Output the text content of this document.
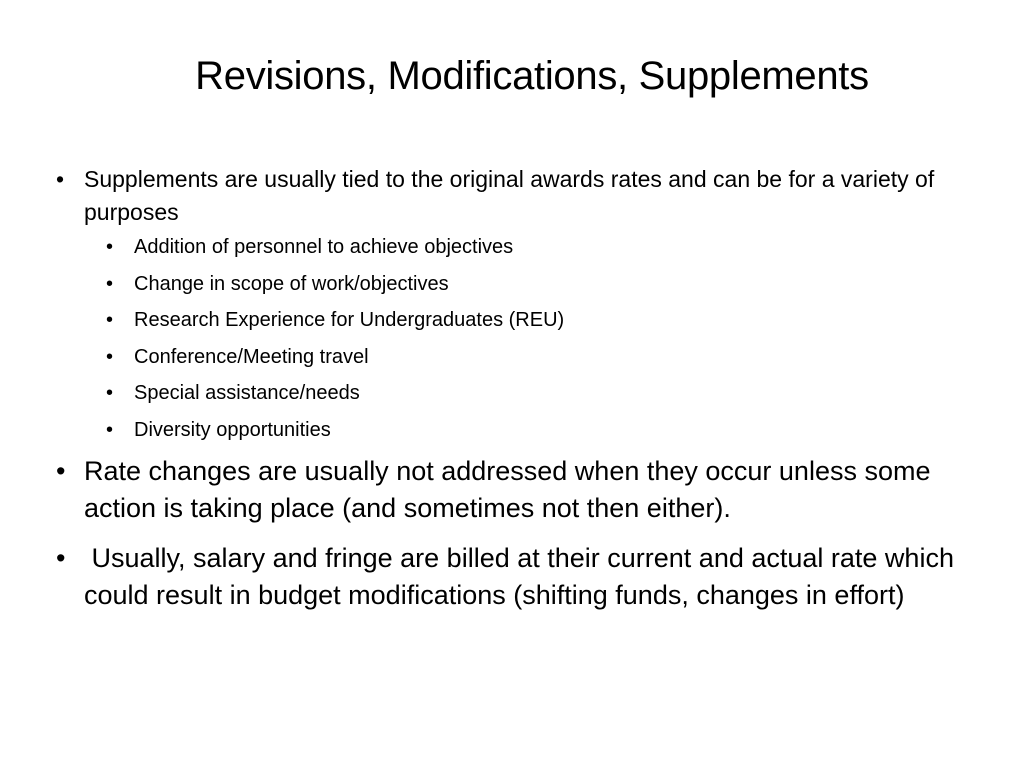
Revisions, Modifications, Supplements
• Supplements are usually tied to the original awards rates and can be for a variety of purposes
• Addition of personnel to achieve objectives
• Change in scope of work/objectives
• Research Experience for Undergraduates (REU)
• Conference/Meeting travel
• Special assistance/needs
• Diversity opportunities
• Rate changes are usually not addressed when they occur unless some action is taking place (and sometimes not then either).
• Usually, salary and fringe are billed at their current and actual rate which could result in budget modifications (shifting funds, changes in effort)
